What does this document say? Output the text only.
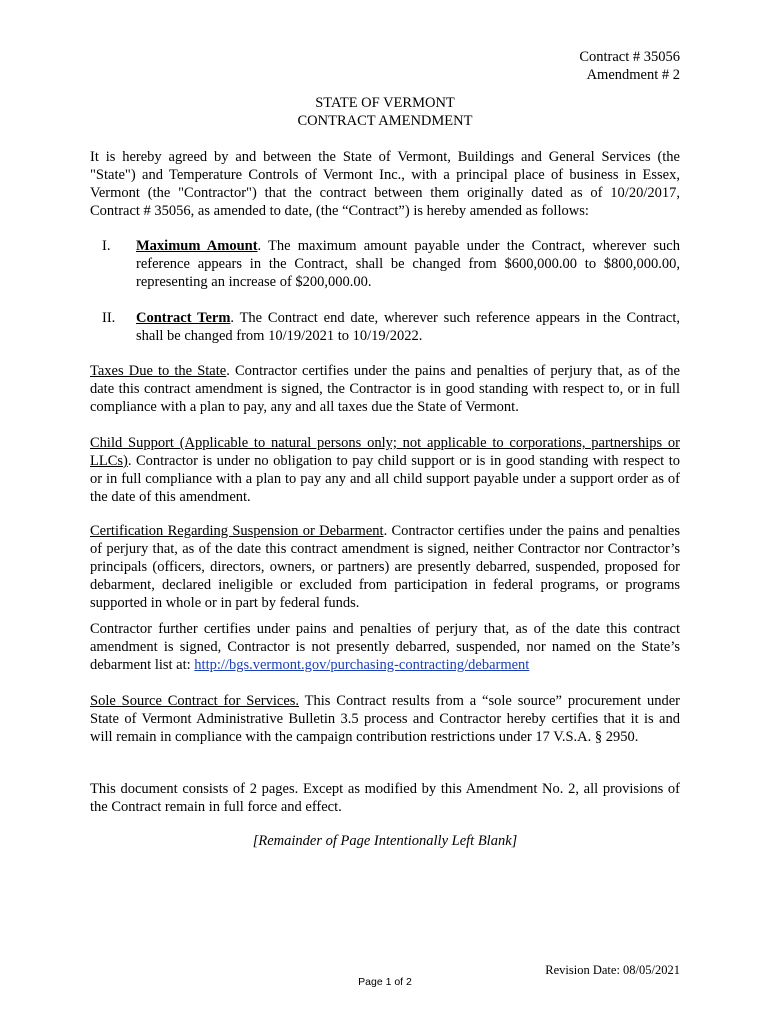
Contract # 35056
Amendment # 2
STATE OF VERMONT
CONTRACT AMENDMENT
It is hereby agreed by and between the State of Vermont, Buildings and General Services (the "State") and Temperature Controls of Vermont Inc., with a principal place of business in Essex, Vermont (the "Contractor") that the contract between them originally dated as of 10/20/2017, Contract # 35056, as amended to date, (the “Contract”) is hereby amended as follows:
I. Maximum Amount. The maximum amount payable under the Contract, wherever such reference appears in the Contract, shall be changed from $600,000.00 to $800,000.00, representing an increase of $200,000.00.
II. Contract Term. The Contract end date, wherever such reference appears in the Contract, shall be changed from 10/19/2021 to 10/19/2022.
Taxes Due to the State. Contractor certifies under the pains and penalties of perjury that, as of the date this contract amendment is signed, the Contractor is in good standing with respect to, or in full compliance with a plan to pay, any and all taxes due the State of Vermont.
Child Support (Applicable to natural persons only; not applicable to corporations, partnerships or LLCs). Contractor is under no obligation to pay child support or is in good standing with respect to or in full compliance with a plan to pay any and all child support payable under a support order as of the date of this amendment.
Certification Regarding Suspension or Debarment. Contractor certifies under the pains and penalties of perjury that, as of the date this contract amendment is signed, neither Contractor nor Contractor’s principals (officers, directors, owners, or partners) are presently debarred, suspended, proposed for debarment, declared ineligible or excluded from participation in federal programs, or programs supported in whole or in part by federal funds.
Contractor further certifies under pains and penalties of perjury that, as of the date this contract amendment is signed, Contractor is not presently debarred, suspended, nor named on the State’s debarment list at: http://bgs.vermont.gov/purchasing-contracting/debarment
Sole Source Contract for Services. This Contract results from a “sole source” procurement under State of Vermont Administrative Bulletin 3.5 process and Contractor hereby certifies that it is and will remain in compliance with the campaign contribution restrictions under 17 V.S.A. § 2950.
This document consists of 2 pages. Except as modified by this Amendment No. 2, all provisions of the Contract remain in full force and effect.
[Remainder of Page Intentionally Left Blank]
Revision Date: 08/05/2021
Page 1 of 2
